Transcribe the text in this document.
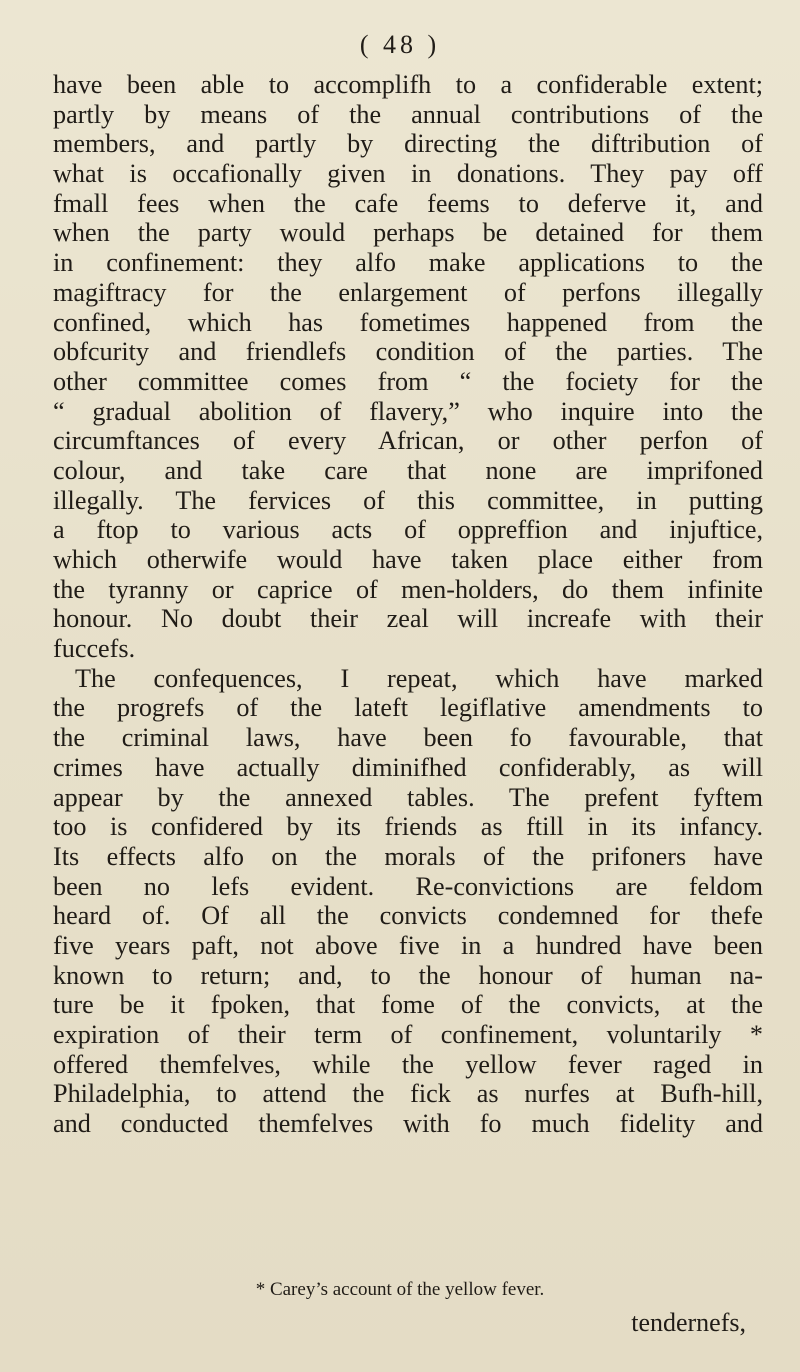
( 48 )
have been able to accomplifh to a confiderable extent;
partly by means of the annual contributions of the
members, and partly by directing the diftribution of
what is occafionally given in donations. They pay off
fmall fees when the cafe feems to deferve it, and
when the party would perhaps be detained for them
in confinement: they alfo make applications to the
magiftracy for the enlargement of perfons illegally
confined, which has fometimes happened from the
obfcurity and friendlefs condition of the parties. The
other committee comes from “ the fociety for the
“ gradual abolition of flavery,” who inquire into the
circumftances of every African, or other perfon of
colour, and take care that none are imprifoned
illegally. The fervices of this committee, in putting
a ftop to various acts of oppreffion and injuftice,
which otherwife would have taken place either from
the tyranny or caprice of men-holders, do them infinite
honour. No doubt their zeal will increafe with their
fuccefs.
The confequences, I repeat, which have marked
the progrefs of the lateft legiflative amendments to
the criminal laws, have been fo favourable, that
crimes have actually diminifhed confiderably, as will
appear by the annexed tables. The prefent fyftem
too is confidered by its friends as ftill in its infancy.
Its effects alfo on the morals of the prifoners have
been no lefs evident. Re-convictions are feldom
heard of. Of all the convicts condemned for thefe
five years paft, not above five in a hundred have been
known to return; and, to the honour of human na-
ture be it fpoken, that fome of the convicts, at the
expiration of their term of confinement, voluntarily *
offered themfelves, while the yellow fever raged in
Philadelphia, to attend the fick as nurfes at Bufh-hill,
and conducted themfelves with fo much fidelity and
* Carey’s account of the yellow fever.
tendernefs,
